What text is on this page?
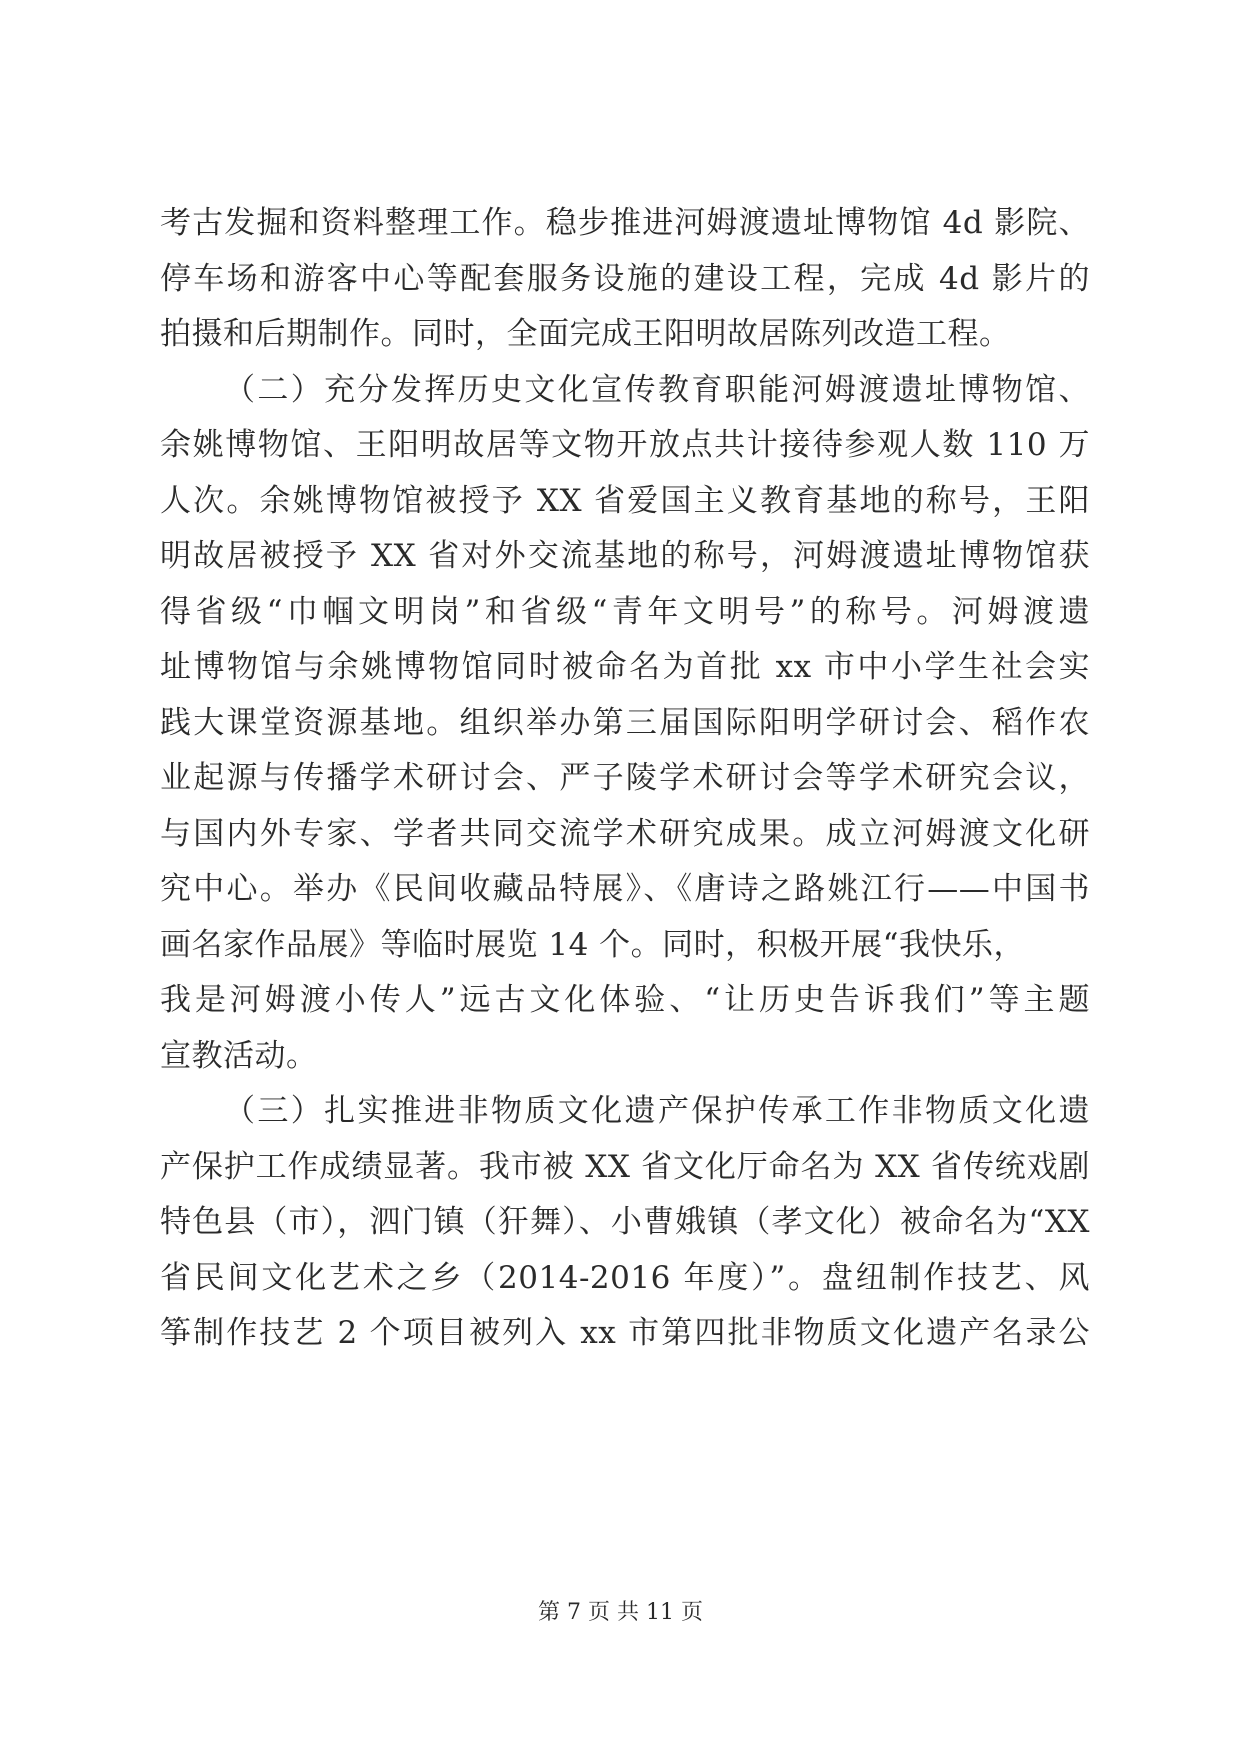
考古发掘和资料整理工作。稳步推进河姆渡遗址博物馆 4d 影院、
停车场和游客中心等配套服务设施的建设工程，完成 4d 影片的
拍摄和后期制作。同时，全面完成王阳明故居陈列改造工程。
（二）充分发挥历史文化宣传教育职能河姆渡遗址博物馆、
余姚博物馆、王阳明故居等文物开放点共计接待参观人数 110 万
人次。余姚博物馆被授予 XX 省爱国主义教育基地的称号，王阳
明故居被授予 XX 省对外交流基地的称号，河姆渡遗址博物馆获
得省级“巾帼文明岗”和省级“青年文明号”的称号。河姆渡遗
址博物馆与余姚博物馆同时被命名为首批 xx 市中小学生社会实
践大课堂资源基地。组织举办第三届国际阳明学研讨会、稻作农
业起源与传播学术研讨会、严子陵学术研讨会等学术研究会议，
与国内外专家、学者共同交流学术研究成果。成立河姆渡文化研
究中心。举办《民间收藏品特展》、《唐诗之路姚江行——中国书
画名家作品展》等临时展览 14 个。同时，积极开展“我快乐，
我是河姆渡小传人”远古文化体验、“让历史告诉我们”等主题
宣教活动。
（三）扎实推进非物质文化遗产保护传承工作非物质文化遗
产保护工作成绩显著。我市被 XX 省文化厅命名为 XX 省传统戏剧
特色县（市），泗门镇（犴舞）、小曹娥镇（孝文化）被命名为“XX
省民间文化艺术之乡（2014-2016 年度）”。盘纽制作技艺、风
筝制作技艺 2 个项目被列入 xx 市第四批非物质文化遗产名录公
第 7 页 共 11 页
